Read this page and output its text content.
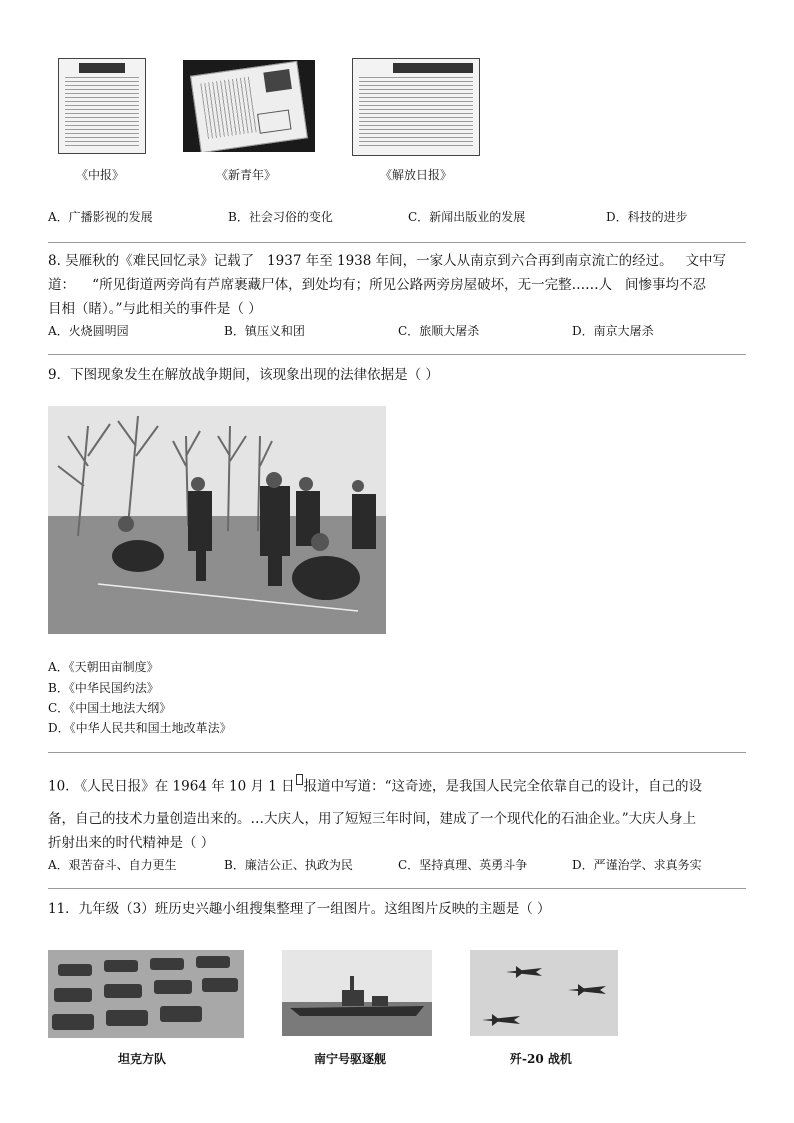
《中报》	《新青年》	《解放日报》
A．广播影视的发展	B．社会习俗的变化	C．新闻出版业的发展	D．科技的进步
8. 吴雁秋的《难民回忆录》记载了 1937 年至 1938 年间，一家人从南京到六合再到南京流亡的经过。 文中写
道： “所见街道两旁尚有芦席裹藏尸体，到处均有；所见公路两旁房屋破坏，无一完整……人 间惨事均不忍
目相（睹）。”与此相关的事件是（ ）
A．火烧圆明园	B．镇压义和团	C．旅顺大屠杀	D．南京大屠杀
9．下图现象发生在解放战争期间，该现象出现的法律依据是（ ）
A．《天朝田亩制度》
B．《中华民国约法》
C．《中国土地法大纲》
D．《中华人民共和国土地改革法》
10. 《人民日报》在 1964 年 10 月 1 日 报道中写道：“这奇迹，是我国人民完全依靠自己的设计，自己的设
备，自己的技术力量创造出来的。…大庆人，用了短短三年时间，建成了一个现代化的石油企业。”大庆人身上
折射出来的时代精神是（ ）
A．艰苦奋斗、自力更生	B．廉洁公正、执政为民	C．坚持真理、英勇斗争	D．严谨治学、求真务实
11．九年级（3）班历史兴趣小组搜集整理了一组图片。这组图片反映的主题是（ ）
坦克方队	南宁号驱逐舰	歼-20 战机
